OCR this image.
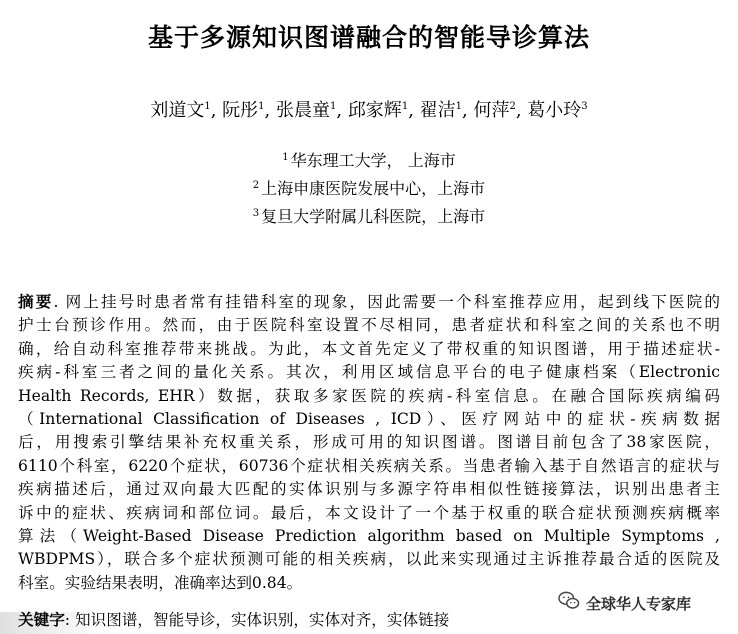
基于多源知识图谱融合的智能导诊算法
刘道文$^1$, 阮彤$^1$, 张晨童$^1$, 邱家辉$^1$, 翟洁$^1$, 何萍$^2$, 葛小玲$^3$
$^1$ 华东理工大学， 上海市
$^2$ 上海申康医院发展中心，上海市
$^3$ 复旦大学附属儿科医院，上海市
摘要. 网上挂号时患者常有挂错科室的现象，因此需要一个科室推荐应用，起到线下医院的
护士台预诊作用。然而，由于医院科室设置不尽相同，患者症状和科室之间的关系也不明
确，给自动科室推荐带来挑战。为此，本文首先定义了带权重的知识图谱，用于描述症状-
疾病-科室三者之间的量化关系。其次，利用区域信息平台的电子健康档案（Electronic
Health Records, EHR）数据，获取多家医院的疾病-科室信息。在融合国际疾病编码
（International Classification of Diseases , ICD）、医疗网站中的症状-疾病数据
后，用搜索引擎结果补充权重关系，形成可用的知识图谱。图谱目前包含了38家医院，
6110个科室，6220个症状，60736个症状相关疾病关系。当患者输入基于自然语言的症状与
疾病描述后，通过双向最大匹配的实体识别与多源字符串相似性链接算法，识别出患者主
诉中的症状、疾病词和部位词。最后，本文设计了一个基于权重的联合症状预测疾病概率
算法（Weight-Based Disease Prediction algorithm based on Multiple Symptoms ,
WBDPMS），联合多个症状预测可能的相关疾病，以此来实现通过主诉推荐最合适的医院及
科室。实验结果表明，准确率达到0.84。
关键字: 知识图谱，智能导诊，实体识别，实体对齐，实体链接
全球华人专家库
